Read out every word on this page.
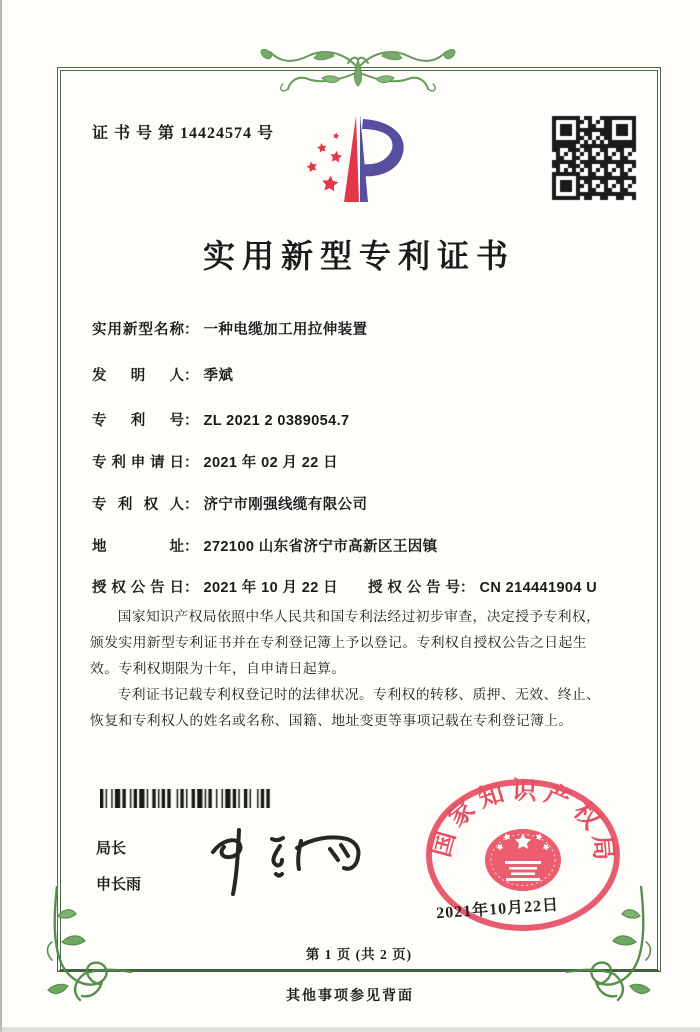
证 书 号 第 14424574 号
实用新型专利证书
实用新型名称： 一种电缆加工用拉伸装置
发明人： 季斌
专利号： ZL 2021 2 0389054.7
专利申请日： 2021 年 02 月 22 日
专利权人： 济宁市刚强线缆有限公司
地址： 272100 山东省济宁市高新区王因镇
授权公告日： 2021 年 10 月 22 日 授权公告号： CN 214441904 U

国家知识产权局依照中华人民共和国专利法经过初步审查，决定授予专利权，颁发实用新型专利证书并在专利登记簿上予以登记。专利权自授权公告之日起生效。专利权期限为十年，自申请日起算。

专利证书记载专利权登记时的法律状况。专利权的转移、质押、无效、终止、恢复和专利权人的姓名或名称、国籍、地址变更等事项记载在专利登记簿上。

局长
申长雨
国家知识产权局
2021年10月22日
第 1 页 (共 2 页)
其他事项参见背面
